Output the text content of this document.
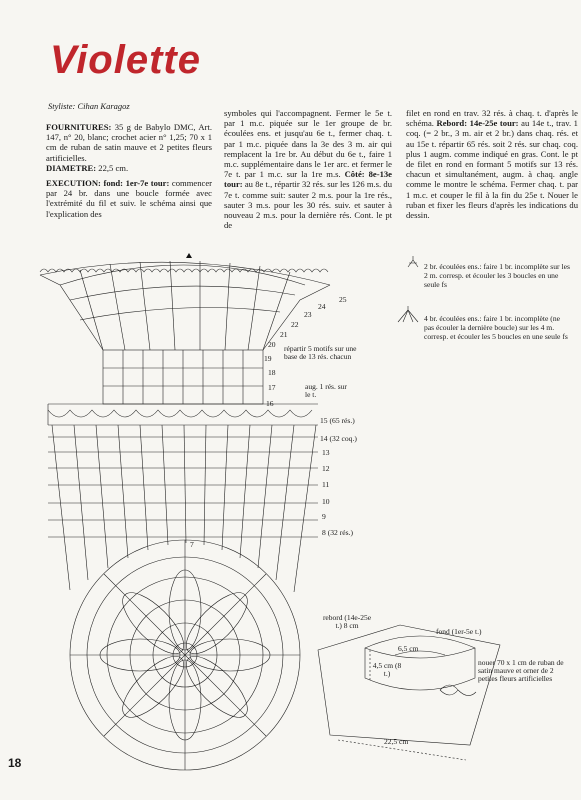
Violette
Styliste: Cihan Karagoz
FOURNITURES: 35 g de Babylo DMC, Art. 147, n° 20, blanc; crochet acier n° 1,25; 70 x 1 cm de ruban de satin mauve et 2 petites fleurs artificielles.
DIAMETRE: 22,5 cm.

EXECUTION: fond: 1er-7e tour: commencer par 24 br. dans une boucle formée avec l'extrémité du fil et suiv. le schéma ainsi que l'explication des
symboles qui l'accompagnent. Fermer le 5e t. par 1 m.c. piquée sur le 1er groupe de br. écoulées ens. et jusqu'au 6e t., fermer chaq. t. par 1 m.c. piquée dans la 3e des 3 m. air qui remplacent la 1re br. Au début du 6e t., faire 1 m.c. supplémentaire dans le 1er arc. et fermer le 7e t. par 1 m.c. sur la 1re m.s. Côté: 8e-13e tour: au 8e t., répartir 32 rés. sur les 126 m.s. du 7e t. comme suit: sauter 2 m.s. pour la 1re rés., sauter 3 m.s. pour les 30 rés. suiv. et sauter à nouveau 2 m.s. pour la dernière rés. Cont. le pt de
filet en rond en trav. 32 rés. à chaq. t. d'après le schéma. Rebord: 14e-25e tour: au 14e t., trav. 1 coq. (= 2 br., 3 m. air et 2 br.) dans chaq. rés. et au 15e t. répartir 65 rés. soit 2 rés. sur chaq. coq. plus 1 augm. comme indiqué en gras. Cont. le pt de filet en rond en formant 5 motifs sur 13 rés. chacun et simultanément, augm. à chaq. angle comme le montre le schéma. Fermer chaq. t. par 1 m.c. et couper le fil à la fin du 25e t. Nouer le ruban et fixer les fleurs d'après les indications du dessin.
25
24
23
22
21
20
19
18
17
16
15 (65 rés.)
14 (32 coq.)
13
12
11
10
9
8 (32 rés.)
7
répartir 5 motifs sur une base de 13 rés. chacun
aug. 1 rés. sur le t.
2 br. écoulées ens.: faire 1 br. incomplète sur les 2 m. corresp. et écouler les 3 boucles en une seule fs
4 br. écoulées ens.: faire 1 br. incomplète (ne pas écouler la dernière boucle) sur les 4 m. corresp. et écouler les 5 boucles en une seule fs
rebord (14e-25e t.) 8 cm
fond (1er-5e t.)
6,5 cm
4,5 cm (8 t.)
22,5 cm
nouer 70 x 1 cm de ruban de satin mauve et orner de 2 petites fleurs artificielles
18
